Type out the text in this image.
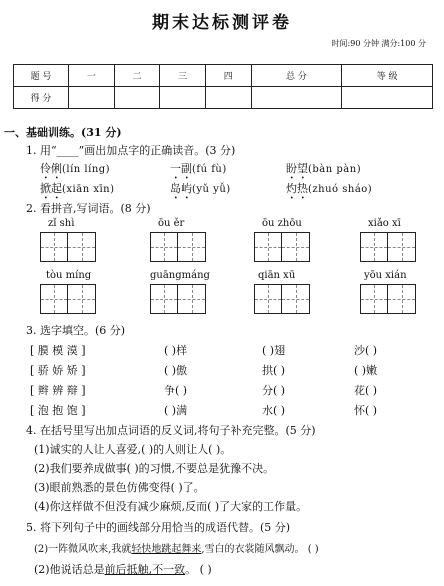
期末达标测评卷
时间:90 分钟 满分:100 分
题 号	一	二	三	四	总 分	等 级
得 分						
一、基础训练。(31 分)
1. 用“____”画出加点字的正确读音。(3 分)
伶俐(lín líng)	一副(fú fù)	盼望(bàn pàn)
掀起(xiān xīn)	岛屿(yǔ yǚ)	灼热(zhuó sháo)
2. 看拼音,写词语。(8 分)
zǐ shì	ōu ěr	ōu zhōu	xiǎo xī
tòu míng	guāngmáng	qiān xū	yōu xián
3. 选字填空。(6 分)
[ 膜 模 漠 ]	( )样	( )翅	沙( )
[ 骄 娇 矫 ]	( )傲	拱( )	( )嫩
[ 辫 辨 辩 ]	争( )	分( )	花( )
[ 泡 抱 饱 ]	( )满	水( )	怀( )
4. 在括号里写出加点词语的反义词,将句子补充完整。(5 分)
(1)诚实的人让人喜爱,( )的人则让人( )。
(2)我们要养成做事( )的习惯,不要总是犹豫不决。
(3)眼前熟悉的景色仿佛变得( )了。
(4)你这样做不但没有减少麻烦,反而( )了大家的工作量。
5. 将下列句子中的画线部分用恰当的成语代替。(5 分)
(2)一阵微风吹来,我就轻快地跳起舞来,雪白的衣裳随风飘动。 ( )
(2)他说话总是前后抵触,不一致。 ( )
